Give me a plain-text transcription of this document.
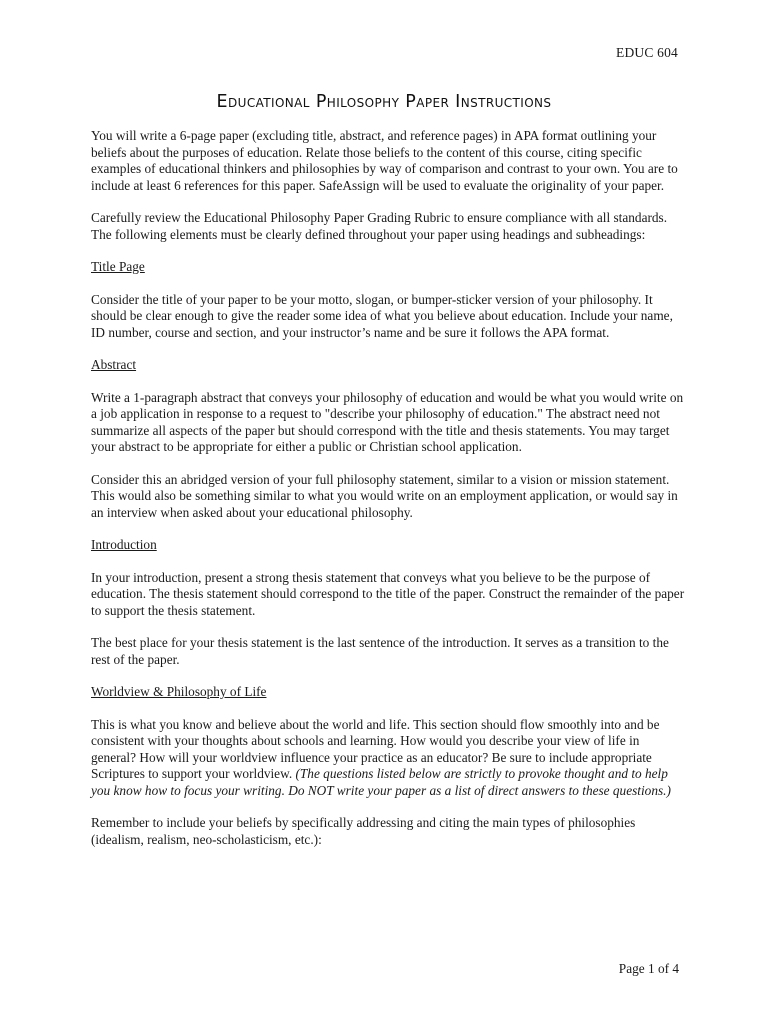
EDUC 604
Educational Philosophy Paper Instructions

You will write a 6-page paper (excluding title, abstract, and reference pages) in APA format outlining your beliefs about the purposes of education. Relate those beliefs to the content of this course, citing specific examples of educational thinkers and philosophies by way of comparison and contrast to your own. You are to include at least 6 references for this paper. SafeAssign will be used to evaluate the originality of your paper.

Carefully review the Educational Philosophy Paper Grading Rubric to ensure compliance with all standards. The following elements must be clearly defined throughout your paper using headings and subheadings:

Title Page

Consider the title of your paper to be your motto, slogan, or bumper-sticker version of your philosophy. It should be clear enough to give the reader some idea of what you believe about education. Include your name, ID number, course and section, and your instructor’s name and be sure it follows the APA format.

Abstract

Write a 1-paragraph abstract that conveys your philosophy of education and would be what you would write on a job application in response to a request to "describe your philosophy of education." The abstract need not summarize all aspects of the paper but should correspond with the title and thesis statements. You may target your abstract to be appropriate for either a public or Christian school application.

Consider this an abridged version of your full philosophy statement, similar to a vision or mission statement. This would also be something similar to what you would write on an employment application, or would say in an interview when asked about your educational philosophy.

Introduction

In your introduction, present a strong thesis statement that conveys what you believe to be the purpose of education. The thesis statement should correspond to the title of the paper. Construct the remainder of the paper to support the thesis statement.

The best place for your thesis statement is the last sentence of the introduction. It serves as a transition to the rest of the paper.

Worldview & Philosophy of Life

This is what you know and believe about the world and life. This section should flow smoothly into and be consistent with your thoughts about schools and learning. How would you describe your view of life in general? How will your worldview influence your practice as an educator? Be sure to include appropriate Scriptures to support your worldview. (The questions listed below are strictly to provoke thought and to help you know how to focus your writing. Do NOT write your paper as a list of direct answers to these questions.)

Remember to include your beliefs by specifically addressing and citing the main types of philosophies (idealism, realism, neo-scholasticism, etc.):

Page 1 of 4
